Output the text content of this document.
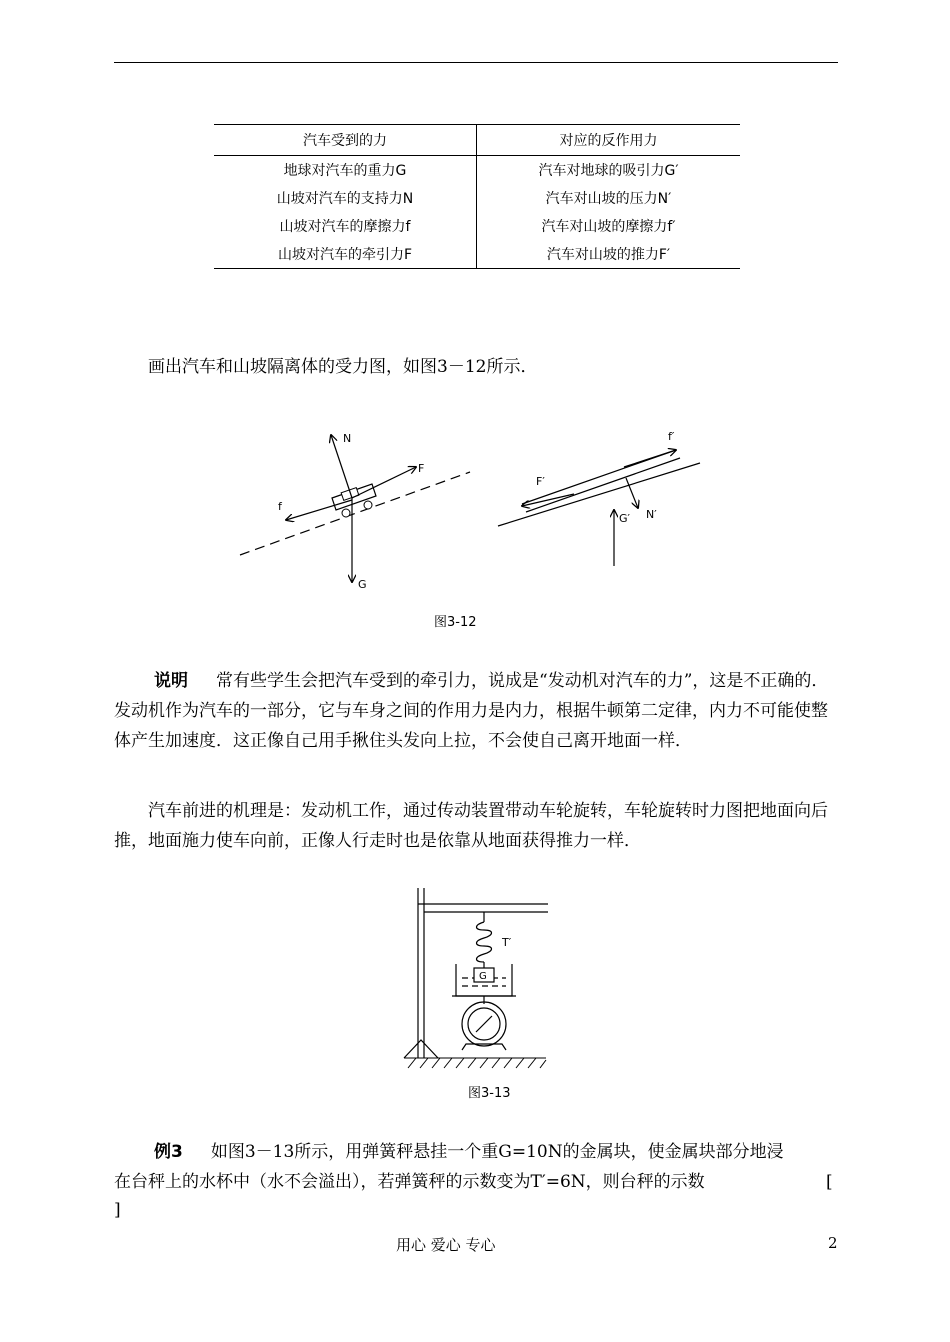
汽车受到的力	对应的反作用力
地球对汽车的重力G	汽车对地球的吸引力G′
山坡对汽车的支持力N	汽车对山坡的压力N′
山坡对汽车的摩擦力f	汽车对山坡的摩擦力f′
山坡对汽车的牵引力F	汽车对山坡的推力F′
画出汽车和山坡隔离体的受力图，如图3－12所示．
N
F
f
G
f′
F′
N′
G′
图3-12
说明 常有些学生会把汽车受到的牵引力，说成是“发动机对汽车的力”，这是不正确的．发动机作为汽车的一部分，它与车身之间的作用力是内力，根据牛顿第二定律，内力不可能使整体产生加速度．这正像自己用手揪住头发向上拉，不会使自己离开地面一样．
汽车前进的机理是：发动机工作，通过传动装置带动车轮旋转，车轮旋转时力图把地面向后推，地面施力使车向前，正像人行走时也是依靠从地面获得推力一样．
T′
G
图3-13
例3 如图3－13所示，用弹簧秤悬挂一个重G=10N的金属块，使金属块部分地浸在台秤上的水杯中（水不会溢出），若弹簧秤的示数变为T′=6N，则台秤的示数	[
]
用心 爱心 专心	2
